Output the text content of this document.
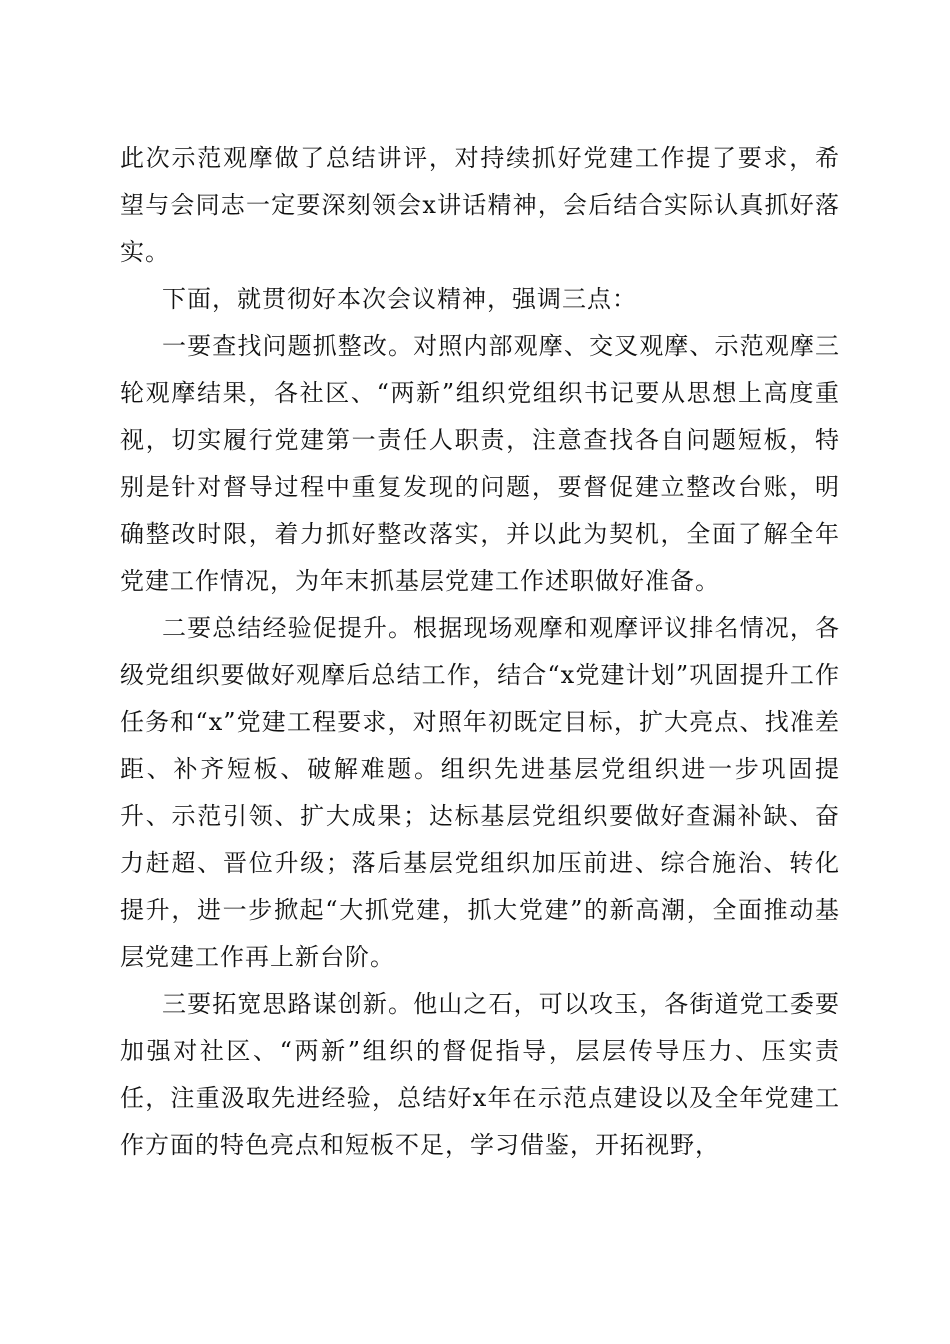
此次示范观摩做了总结讲评，对持续抓好党建工作提了要求，希望与会同志一定要深刻领会x讲话精神，会后结合实际认真抓好落实。

下面，就贯彻好本次会议精神，强调三点：

一要查找问题抓整改。对照内部观摩、交叉观摩、示范观摩三轮观摩结果，各社区、“两新”组织党组织书记要从思想上高度重视，切实履行党建第一责任人职责，注意查找各自问题短板，特别是针对督导过程中重复发现的问题，要督促建立整改台账，明确整改时限，着力抓好整改落实，并以此为契机，全面了解全年党建工作情况，为年末抓基层党建工作述职做好准备。

二要总结经验促提升。根据现场观摩和观摩评议排名情况，各级党组织要做好观摩后总结工作，结合“x党建计划”巩固提升工作任务和“x”党建工程要求，对照年初既定目标，扩大亮点、找准差距、补齐短板、破解难题。组织先进基层党组织进一步巩固提升、示范引领、扩大成果；达标基层党组织要做好查漏补缺、奋力赶超、晋位升级；落后基层党组织加压前进、综合施治、转化提升，进一步掀起“大抓党建，抓大党建”的新高潮，全面推动基层党建工作再上新台阶。

三要拓宽思路谋创新。他山之石，可以攻玉，各街道党工委要加强对社区、“两新”组织的督促指导，层层传导压力、压实责任，注重汲取先进经验，总结好x年在示范点建设以及全年党建工作方面的特色亮点和短板不足，学习借鉴，开拓视野，
